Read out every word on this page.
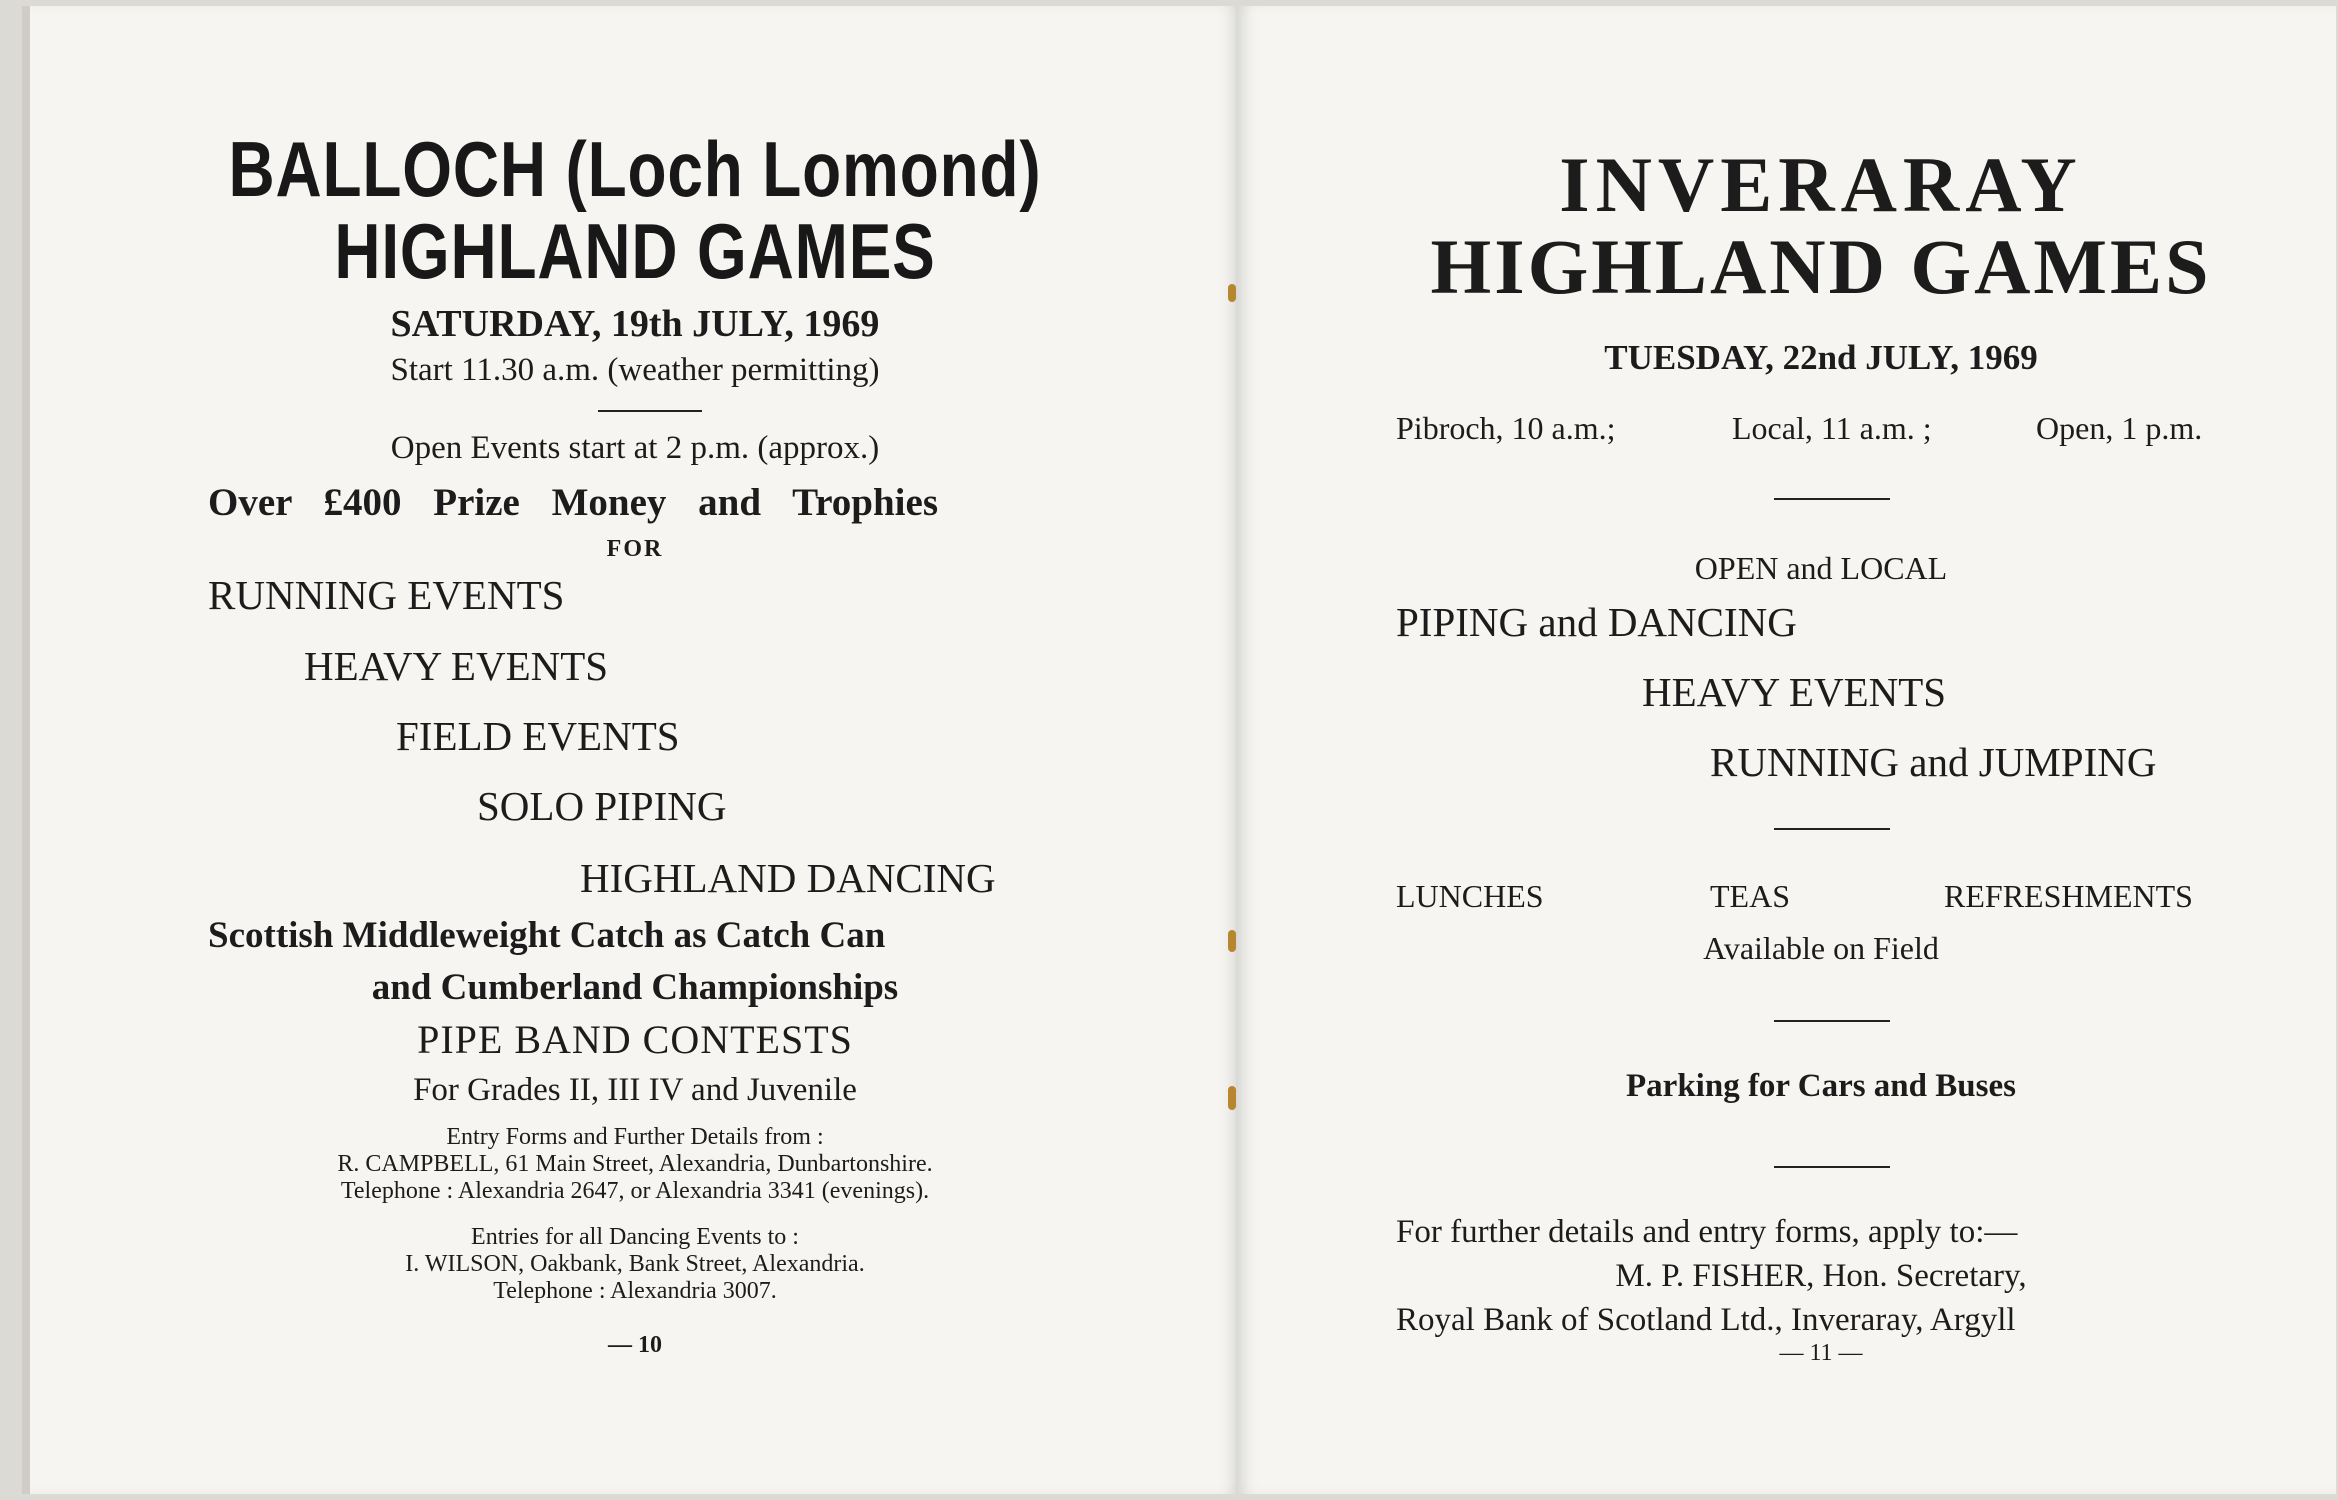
BALLOCH (Loch Lomond)
HIGHLAND GAMES
SATURDAY, 19th JULY, 1969
Start 11.30 a.m. (weather permitting)
Open Events start at 2 p.m. (approx.)
Over £400 Prize Money and Trophies
FOR
RUNNING EVENTS
HEAVY EVENTS
FIELD EVENTS
SOLO PIPING
HIGHLAND DANCING
Scottish Middleweight Catch as Catch Can
and Cumberland Championships
PIPE BAND CONTESTS
For Grades II, III IV and Juvenile
Entry Forms and Further Details from :
R. CAMPBELL, 61 Main Street, Alexandria, Dunbartonshire.
Telephone : Alexandria 2647, or Alexandria 3341 (evenings).
Entries for all Dancing Events to :
I. WILSON, Oakbank, Bank Street, Alexandria.
Telephone : Alexandria 3007.
— 10
INVERARAY
HIGHLAND GAMES
TUESDAY, 22nd JULY, 1969
Pibroch, 10 a.m.;	Local, 11 a.m. ;	Open, 1 p.m.
OPEN and LOCAL
PIPING and DANCING
HEAVY EVENTS
RUNNING and JUMPING
LUNCHES	TEAS	REFRESHMENTS
Available on Field
Parking for Cars and Buses
For further details and entry forms, apply to:—
M. P. FISHER, Hon. Secretary,
Royal Bank of Scotland Ltd., Inveraray, Argyll
— 11 —
